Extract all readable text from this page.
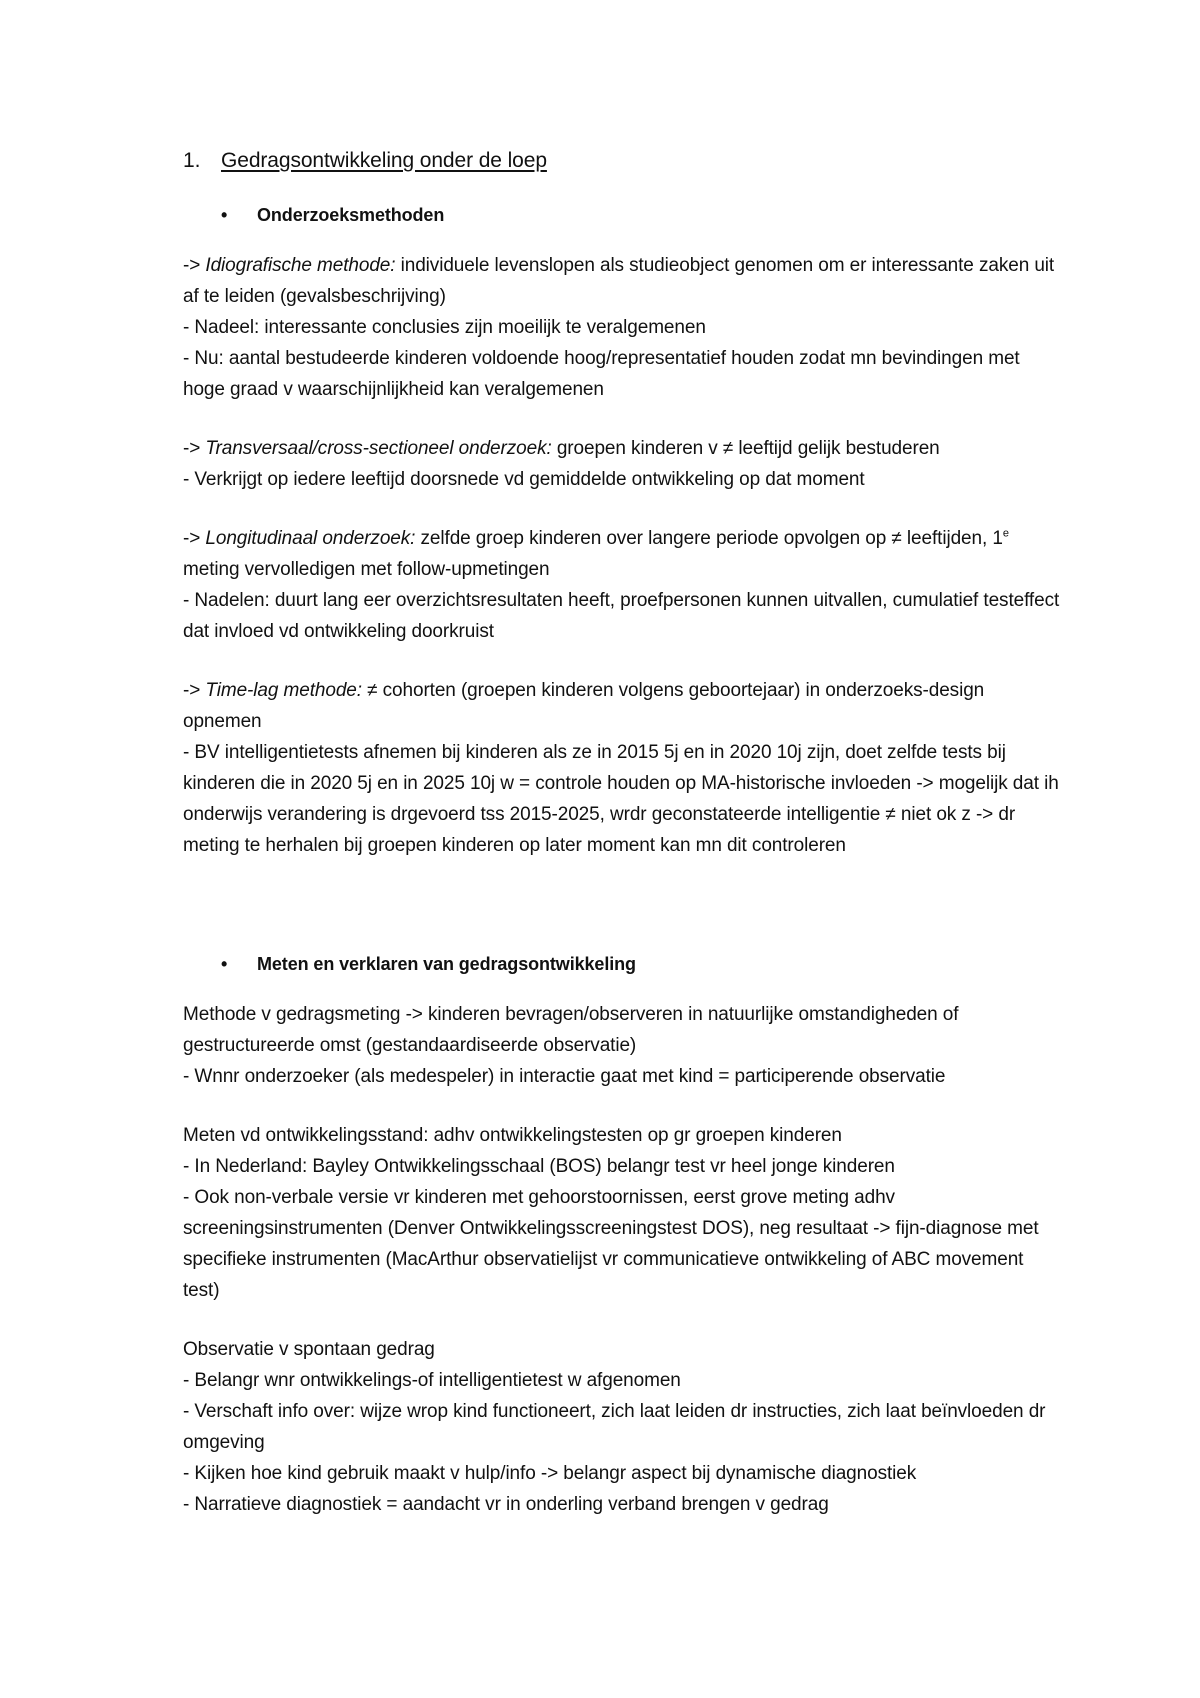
1. Gedragsontwikkeling onder de loep
• Onderzoeksmethoden

-> Idiografische methode: individuele levenslopen als studieobject genomen om er interessante zaken uit af te leiden (gevalsbeschrijving)

- Nadeel: interessante conclusies zijn moeilijk te veralgemenen

- Nu: aantal bestudeerde kinderen voldoende hoog/representatief houden zodat mn bevindingen met hoge graad v waarschijnlijkheid kan veralgemenen

-> Transversaal/cross-sectioneel onderzoek: groepen kinderen v ≠ leeftijd gelijk bestuderen

- Verkrijgt op iedere leeftijd doorsnede vd gemiddelde ontwikkeling op dat moment

-> Longitudinaal onderzoek: zelfde groep kinderen over langere periode opvolgen op ≠ leeftijden, 1e meting vervolledigen met follow-upmetingen

- Nadelen: duurt lang eer overzichtsresultaten heeft, proefpersonen kunnen uitvallen, cumulatief testeffect dat invloed vd ontwikkeling doorkruist

-> Time-lag methode: ≠ cohorten (groepen kinderen volgens geboortejaar) in onderzoeks-design opnemen

- BV intelligentietests afnemen bij kinderen als ze in 2015 5j en in 2020 10j zijn, doet zelfde tests bij kinderen die in 2020 5j en in 2025 10j w = controle houden op MA-historische invloeden -> mogelijk dat ih onderwijs verandering is drgevoerd tss 2015-2025, wrdr geconstateerde intelligentie ≠ niet ok z -> dr meting te herhalen bij groepen kinderen op later moment kan mn dit controleren

• Meten en verklaren van gedragsontwikkeling

Methode v gedragsmeting -> kinderen bevragen/observeren in natuurlijke omstandigheden of gestructureerde omst (gestandaardiseerde observatie)

- Wnnr onderzoeker (als medespeler) in interactie gaat met kind = participerende observatie

Meten vd ontwikkelingsstand: adhv ontwikkelingstesten op gr groepen kinderen

- In Nederland: Bayley Ontwikkelingsschaal (BOS) belangr test vr heel jonge kinderen

- Ook non-verbale versie vr kinderen met gehoorstoornissen, eerst grove meting adhv screeningsinstrumenten (Denver Ontwikkelingsscreeningstest DOS), neg resultaat -> fijn-diagnose met specifieke instrumenten (MacArthur observatielijst vr communicatieve ontwikkeling of ABC movement test)

Observatie v spontaan gedrag

- Belangr wnr ontwikkelings-of intelligentietest w afgenomen

- Verschaft info over: wijze wrop kind functioneert, zich laat leiden dr instructies, zich laat beïnvloeden dr omgeving

- Kijken hoe kind gebruik maakt v hulp/info -> belangr aspect bij dynamische diagnostiek

- Narratieve diagnostiek = aandacht vr in onderling verband brengen v gedrag
